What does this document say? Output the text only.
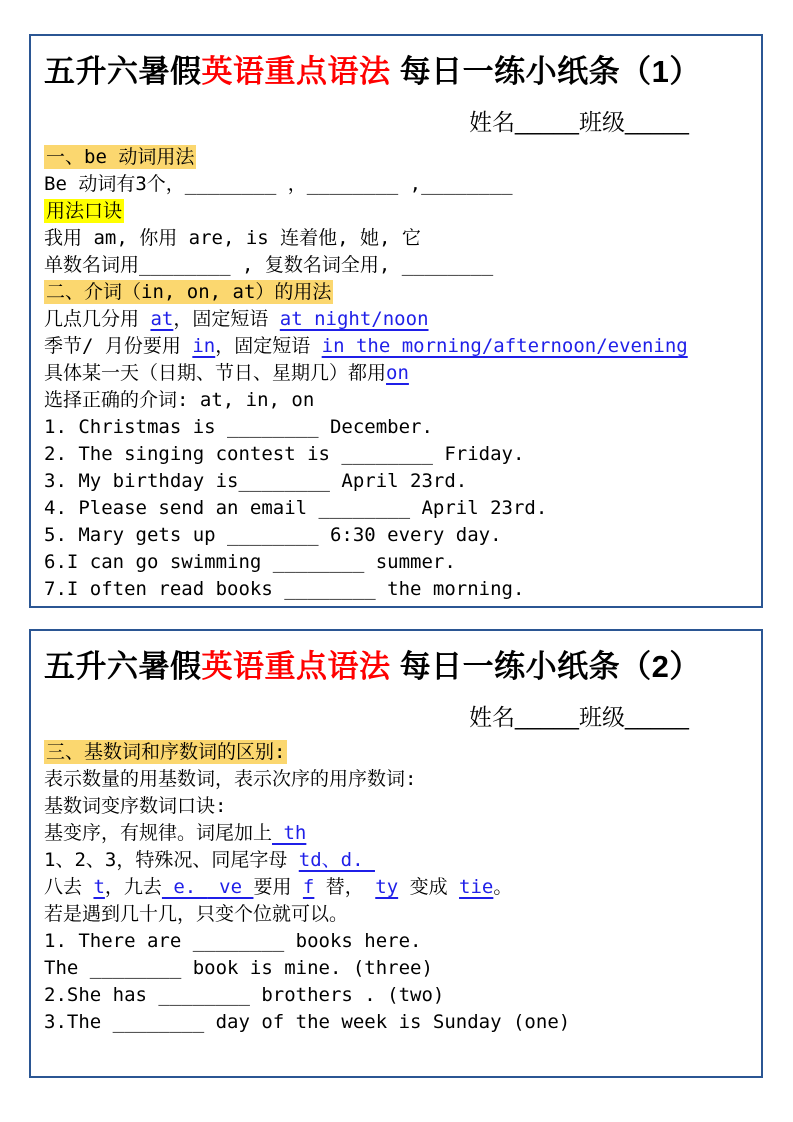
五升六暑假英语重点语法 每日一练小纸条（1）
姓名_____班级_____
一、be 动词用法
Be 动词有3个，________ ，________ ,________
用法口诀
我用 am, 你用 are, is 连着他, 她, 它
单数名词用________ , 复数名词全用, ________
二、介词（in, on, at）的用法
几点几分用 at，固定短语 at night/noon
季节/ 月份要用 in，固定短语 in the morning/afternoon/evening
具体某一天（日期、节日、星期几）都用on
选择正确的介词: at, in, on
1. Christmas is ________ December.
2. The singing contest is ________ Friday.
3. My birthday is________ April 23rd.
4. Please send an email ________ April 23rd.
5. Mary gets up ________ 6:30 every day.
6.I can go swimming ________ summer.
7.I often read books ________ the morning.
五升六暑假英语重点语法 每日一练小纸条（2）
姓名_____班级_____
三、基数词和序数词的区别:
表示数量的用基数词，表示次序的用序数词:
基数词变序数词口诀:
基变序，有规律。词尾加上 th
1、2、3，特殊况、同尾字母 td、d.
八去 t，九去 e.  ve 要用 f 替， ty 变成 tie。
若是遇到几十几，只变个位就可以。
1. There are ________ books here.
The ________ book is mine. (three)
2.She has ________ brothers . (two)
3.The ________ day of the week is Sunday (one)
